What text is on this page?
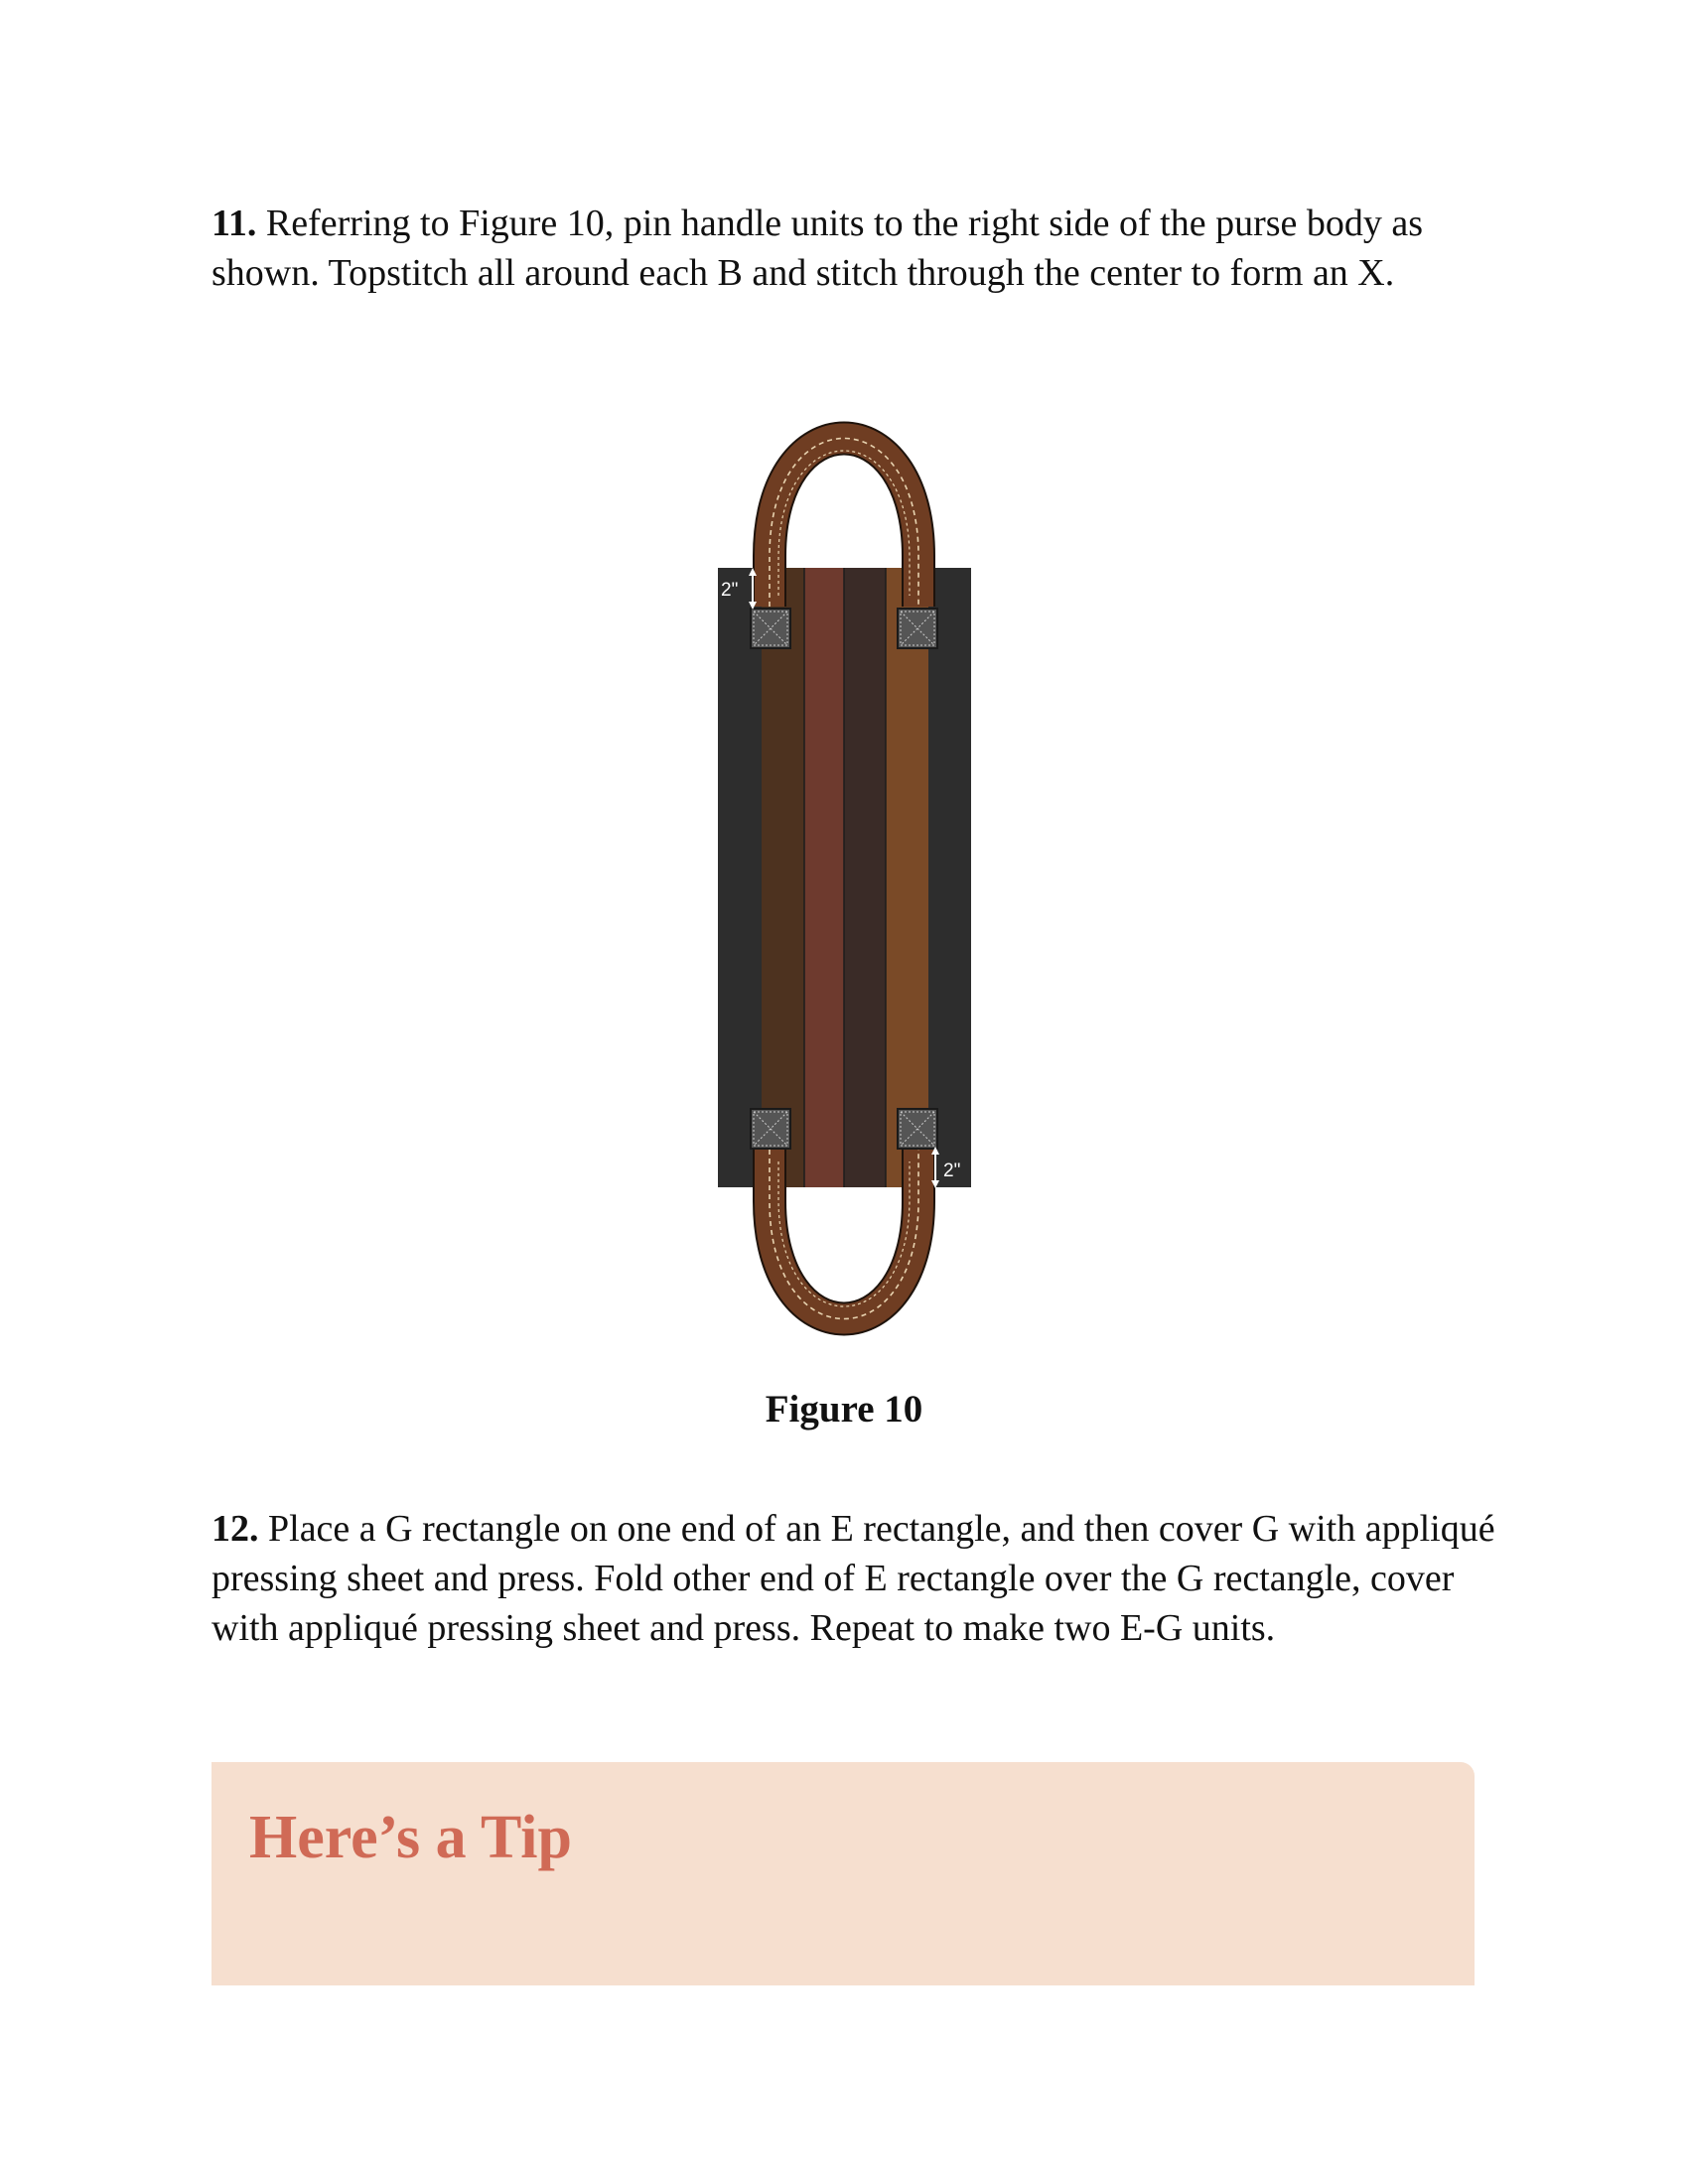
11. Referring to Figure 10, pin handle units to the right side of the purse body as shown. Topstitch all around each B and stitch through the center to form an X.

2"
2"
Figure 10

12. Place a G rectangle on one end of an E rectangle, and then cover G with appliqué pressing sheet and press. Fold other end of E rectangle over the G rectangle, cover with appliqué pressing sheet and press. Repeat to make two E-G units.

Here’s a Tip
